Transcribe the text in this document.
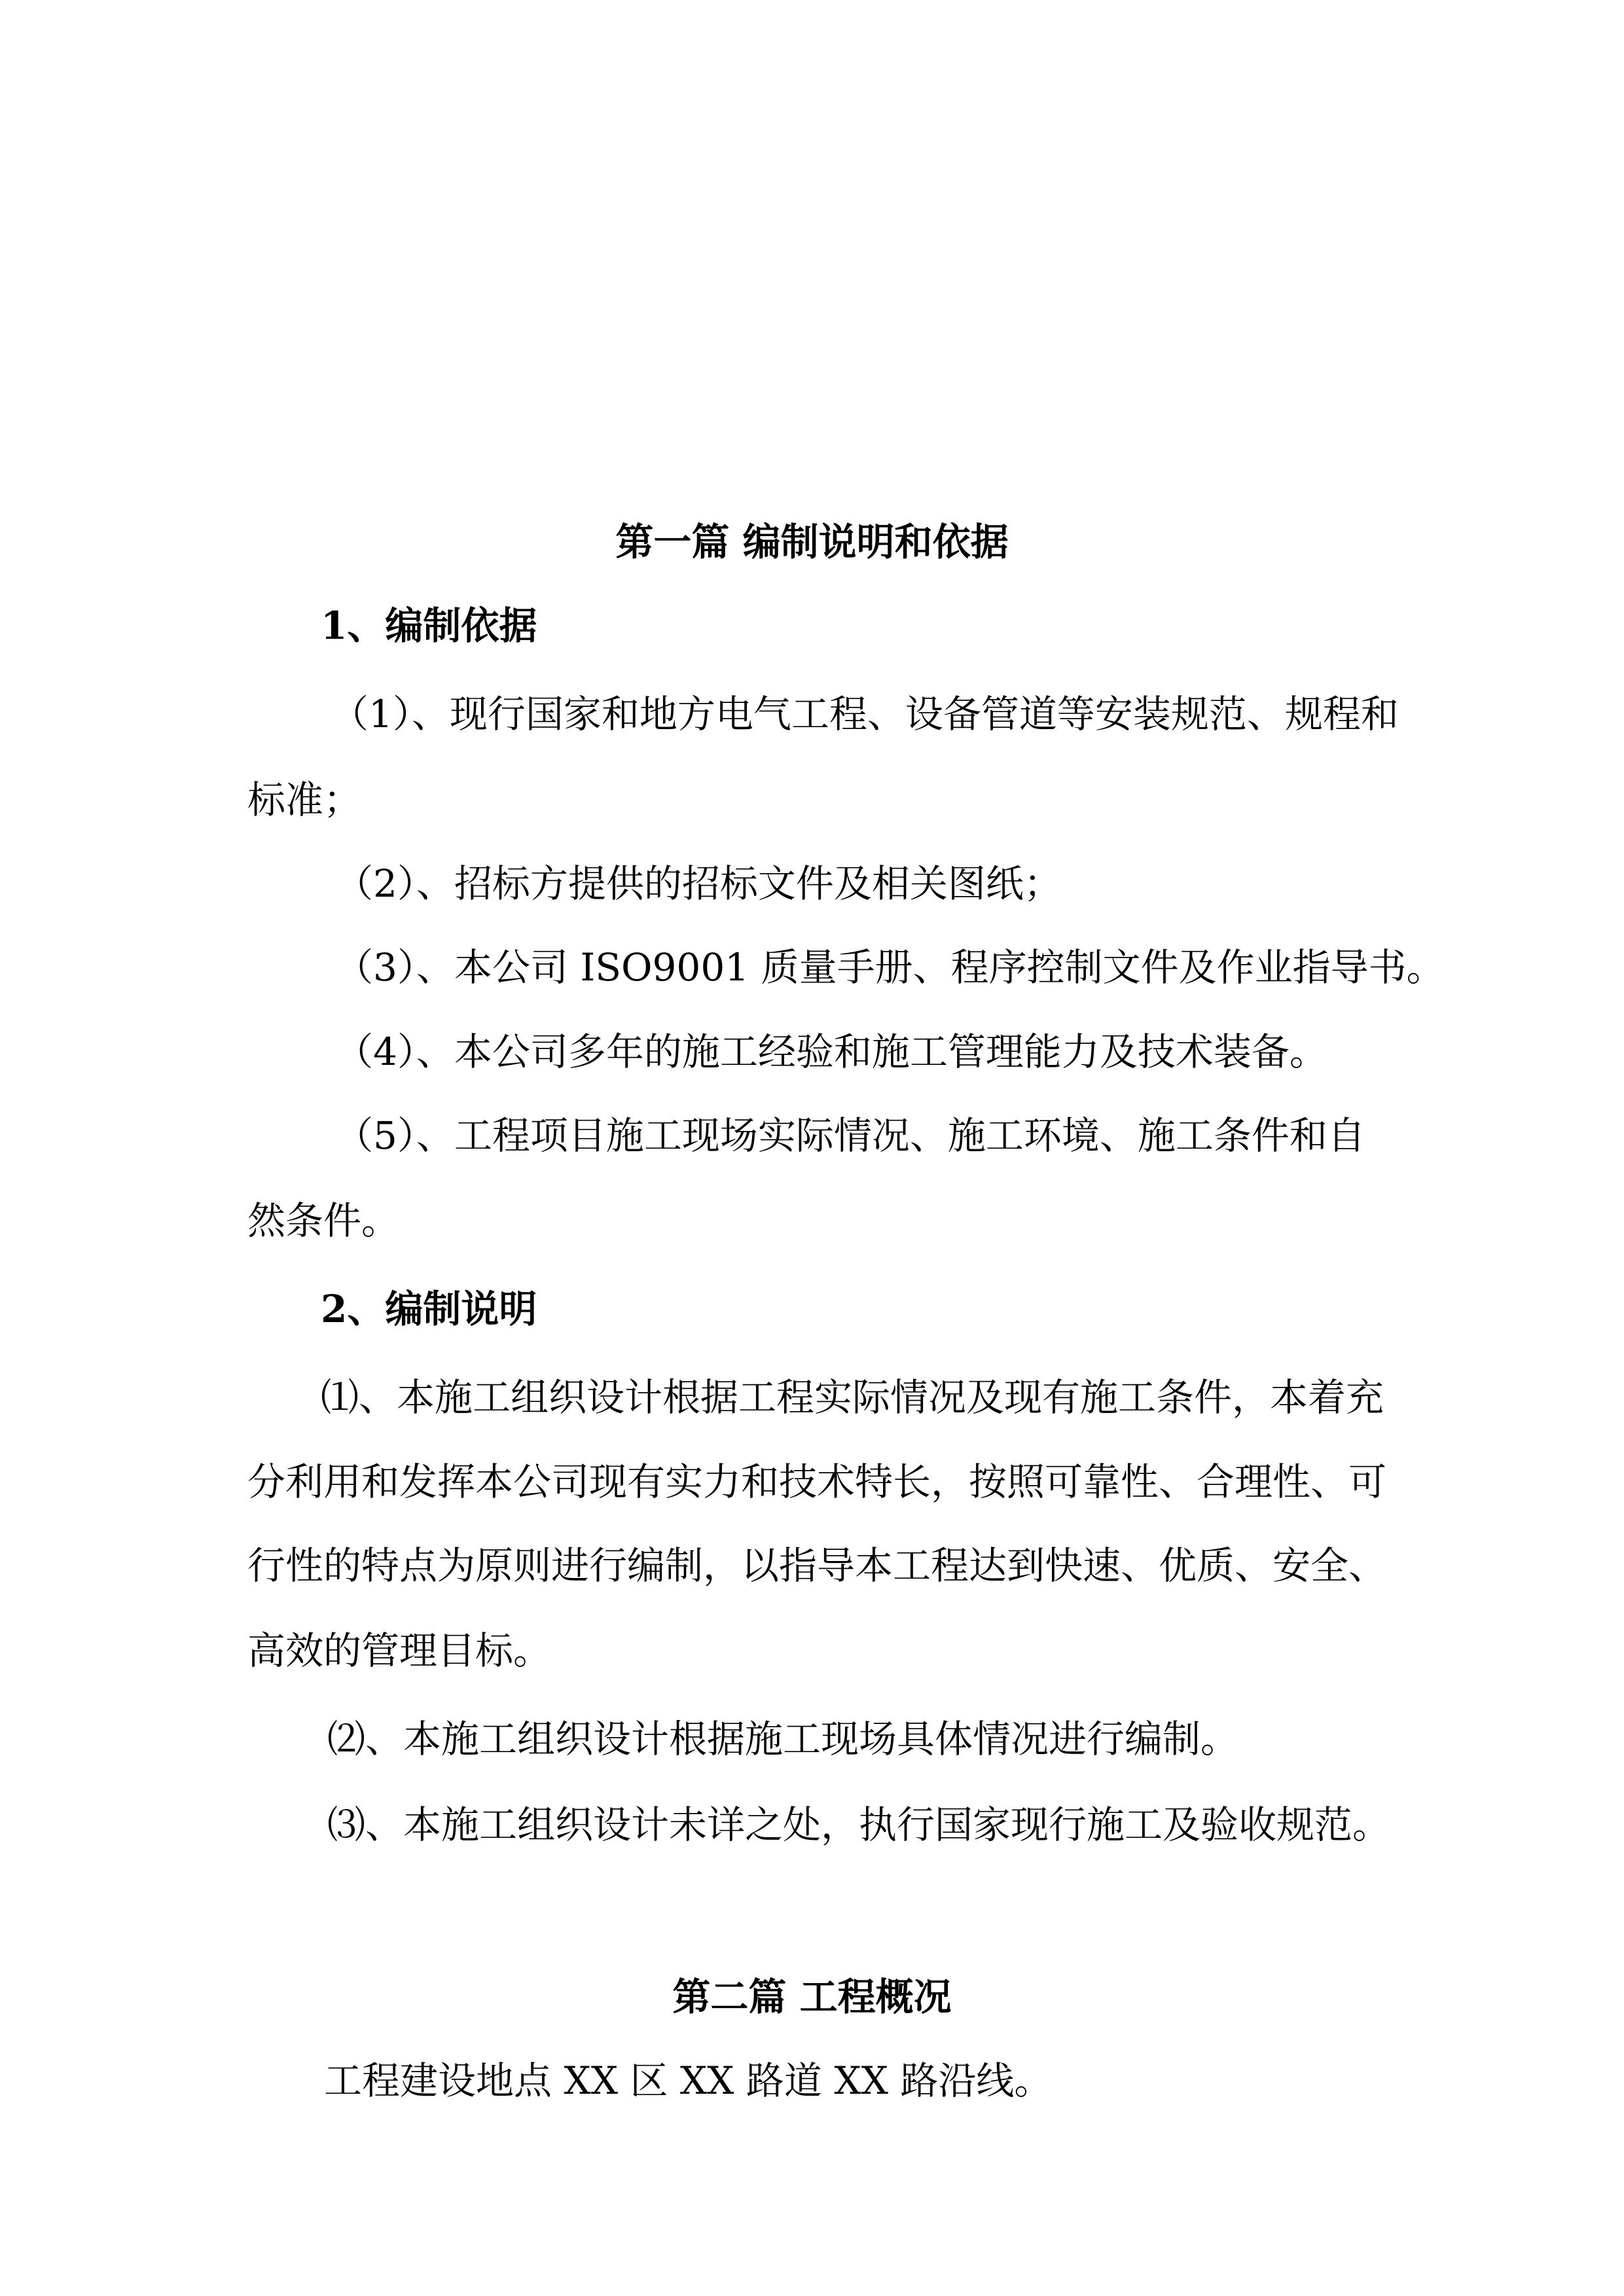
第一篇 编制说明和依据
1、编制依据
（1）、现行国家和地方电气工程、设备管道等安装规范、规程和
标准；
（2）、招标方提供的招标文件及相关图纸；
（3）、本公司 ISO9001 质量手册、程序控制文件及作业指导书。
（4）、本公司多年的施工经验和施工管理能力及技术装备。
（5）、工程项目施工现场实际情况、施工环境、施工条件和自
然条件。
2、编制说明
⑴、本施工组织设计根据工程实际情况及现有施工条件，本着充
分利用和发挥本公司现有实力和技术特长，按照可靠性、合理性、可
行性的特点为原则进行编制，以指导本工程达到快速、优质、安全、
高效的管理目标。
⑵、本施工组织设计根据施工现场具体情况进行编制。
⑶、本施工组织设计未详之处，执行国家现行施工及验收规范。
第二篇 工程概况
工程建设地点 XX 区 XX 路道 XX 路沿线。
